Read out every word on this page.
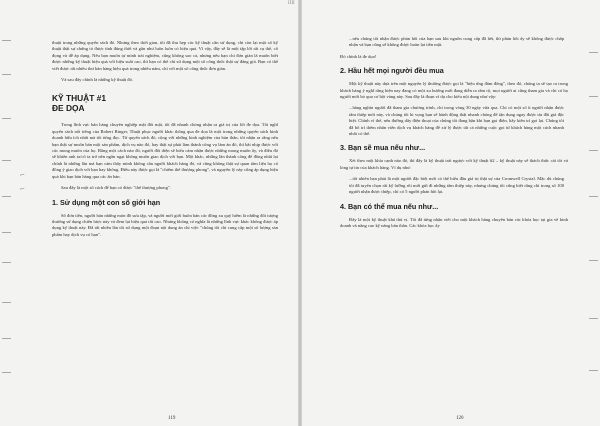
IIII
⌐
⌐

thuật trong những quyển sách đó. Nhưng theo thời gian, tôi đã thu hẹp các kỹ thuật cần sử dụng, chỉ còn lại một số kỹ thuật thật sự chứng tỏ được tính đúng thời và gần như luôn luôn có hiệu quả. Vì vậy, đây sẽ là một tập lời rất cụ thể, cô đọng và dễ áp dụng. Nếu bạn muốn tự mình trải nghiệm, cũng không sao cả, nhưng nếu bạn chỉ đơn giản là muốn biết được những kỹ thuật hiệu quả với hiệu suất cao, thì bạn có thể chỉ sử dụng một số công thức thật sự đáng giá. Bạn có thể viết được rất nhiều thư bán hàng hiệu quả trong nhiều năm, chỉ với một số công thức đơn giản.

Và sau đây chính là những kỹ thuật đó.

KỸ THUẬT #1
ĐE DỌA

Trong lĩnh vực bán hàng chuyên nghiệp mặt đối mặt, tôi đã nhanh chóng nhận ra giá trị của lời đe dọa. Tôi nghĩ quyển sách nổi tiếng của Robert Ringer, Thuật phục người khác thông qua đe dọa là một trong những quyển sách kinh doanh hữu ích nhất mà tôi từng đọc. Từ quyển sách đó, cộng với những kinh nghiệm của bản thân, tôi nhận ra rằng nếu bạn thật sự muốn bán một sản phẩm, dịch vụ nào đó, hay thật sự phải làm thành công vụ làm ăn đó, thì bắt nhịp được với các mong muốn của họ. Bằng một cách nào đó, người đối diện sẽ hiểu cảm nhận được những mong muốn ấy, và điều đó sẽ khiến anh ta/cô ta trở nên ngần ngại không muốn giao dịch với bạn. Một khác, những lần thành công để đồng nhất lại chính là những lần mà bạn cảm thấy mình không cần người khách hàng đó, và cũng không thật sự quan tâm liệu họ có đồng ý giao dịch với bạn hay không. Điều này được gọi là "chiếm thế thượng phong", và nguyên lý này cũng áp dụng hiệu quả khi bạn bán hàng qua các ấn bản.

Sau đây là một số cách để bạn có được "thế thượng phong".

1. Sử dụng một con số giới hạn

Số đơn tiền, người bán những món đồ sưu tập, và người mới giới buôn bán các đồng xu quý hiếm là những đối tượng thường sử dụng chiến lược này và đem lại hiệu quả rất cao. Nhưng không có nghĩa là những lĩnh vực khác không được áp dụng kỹ thuật này. Đã rất nhiều lần tôi sử dụng một đoạn nội dung ản chỉ việc "chúng tôi chỉ cung cấp một số lượng sản phẩm hay dịch vụ có hạn".

119

...nếu chúng tôi nhận được phản hồi của bạn sau khi nguồn cung cấp đã hết, thì phản hồi ấy sẽ không được chấp nhận và bạn cũng sẽ không được hoàn lại tiền mặt.

Đó chính là đe dọa!

2. Hầu hết mọi người đều mua

Một kỹ thuật này dựa trên một nguyên lý thường được gọi là "hiệu ứng đám đông", theo đó, chúng ta sẽ tạo ra trong khách hàng ý nghĩ rằng hiện nay đang có một xu hướng mới đang diễn ra rầm rộ, mọi người ai cũng tham gia và chỉ có họ người mới bỏ qua cơ hội vàng này. Sau đây là đoạn ví dụ cho kiểu nội dung như vậy:

...hàng nghìn người đã tham gia chương trình, chỉ trong vòng 30 ngày vừa qua. Chỉ có một số ít người nhận được tấm thiệp mời này, và chúng tôi hi vọng bạn sẽ hành động thật nhanh chóng để tận dụng ngay được ưu đãi giá đặc biệt. Chính vì thế, nếu đường dây điện thoại của chúng tôi đang bận khi bạn gọi điện, hãy kiên trì gọi lại. Chúng tôi đã bổ trí thêm nhân viên dịch vụ khách hàng để xử lý được tất cả những cuộc gọi từ khách hàng một cách nhanh nhất có thể.

3. Bạn sẽ mua nếu như...

Xét theo một khía cạnh nào đó, thì đây là kỹ thuật trái ngược với kỹ thuật #2 – kỹ thuật này sẽ thách thức cái tôi và lòng tự tin của khách hàng. Ví dụ như:

...tốt nhiên bạn phải là một người đặc biệt mới có thể hiểu đầu giá trị thật sự của Cromwell Crystal. Mặc dù chúng tôi đã tuyển chọn rất kỹ lưỡng rồi mới gửi đi những tấm thiệp này, nhưng chúng tôi cũng biết rằng chỉ trong số 100 người nhận được thiệp, chỉ có 5 người phản hồi lại.

4. Bạn có thể mua nếu như...

Đây là một kỹ thuật khá thú vị. Tôi đã từng nhận viết cho một khách hàng chuyên bán các khóa học tại gia về kinh doanh và nâng cao kỹ năng bán thân. Các khóa học ấy

120
